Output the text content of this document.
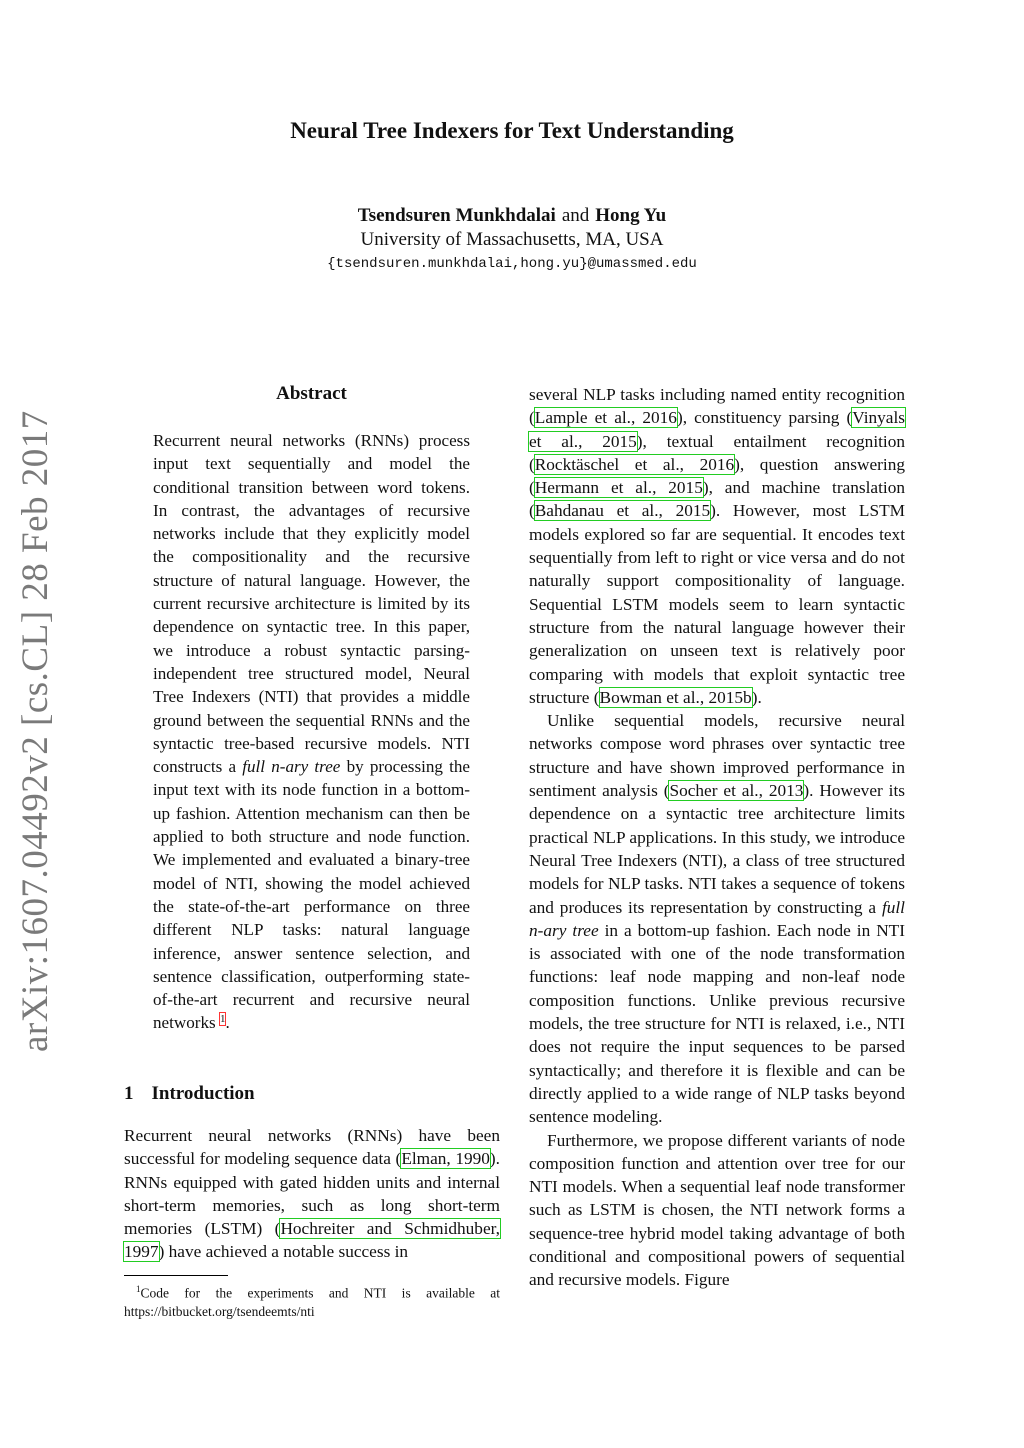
arXiv:1607.04492v2 [cs.CL] 28 Feb 2017
Neural Tree Indexers for Text Understanding
Tsendsuren Munkhdalai and Hong Yu
University of Massachusetts, MA, USA
{tsendsuren.munkhdalai,hong.yu}@umassmed.edu
Abstract

Recurrent neural networks (RNNs) process input text sequentially and model the conditional transition between word tokens. In contrast, the advantages of recursive networks include that they explicitly model the compositionality and the recursive structure of natural language. However, the current recursive architecture is limited by its dependence on syntactic tree. In this paper, we introduce a robust syntactic parsing-independent tree structured model, Neural Tree Indexers (NTI) that provides a middle ground between the sequential RNNs and the syntactic tree-based recursive models. NTI constructs a full n-ary tree by processing the input text with its node function in a bottom-up fashion. Attention mechanism can then be applied to both structure and node function. We implemented and evaluated a binary-tree model of NTI, showing the model achieved the state-of-the-art performance on three different NLP tasks: natural language inference, answer sentence selection, and sentence classification, outperforming state-of-the-art recurrent and recursive neural networks $^1$.

1 Introduction

Recurrent neural networks (RNNs) have been successful for modeling sequence data (Elman, 1990). RNNs equipped with gated hidden units and internal short-term memories, such as long short-term memories (LSTM) (Hochreiter and Schmidhuber, 1997) have achieved a notable success in

$^1$Code for the experiments and NTI is available at https://bitbucket.org/tsendeemts/nti

several NLP tasks including named entity recognition (Lample et al., 2016), constituency parsing (Vinyals et al., 2015), textual entailment recognition (Rocktäschel et al., 2016), question answering (Hermann et al., 2015), and machine translation (Bahdanau et al., 2015). However, most LSTM models explored so far are sequential. It encodes text sequentially from left to right or vice versa and do not naturally support compositionality of language. Sequential LSTM models seem to learn syntactic structure from the natural language however their generalization on unseen text is relatively poor comparing with models that exploit syntactic tree structure (Bowman et al., 2015b).

Unlike sequential models, recursive neural networks compose word phrases over syntactic tree structure and have shown improved performance in sentiment analysis (Socher et al., 2013). However its dependence on a syntactic tree architecture limits practical NLP applications. In this study, we introduce Neural Tree Indexers (NTI), a class of tree structured models for NLP tasks. NTI takes a sequence of tokens and produces its representation by constructing a full n-ary tree in a bottom-up fashion. Each node in NTI is associated with one of the node transformation functions: leaf node mapping and non-leaf node composition functions. Unlike previous recursive models, the tree structure for NTI is relaxed, i.e., NTI does not require the input sequences to be parsed syntactically; and therefore it is flexible and can be directly applied to a wide range of NLP tasks beyond sentence modeling.

Furthermore, we propose different variants of node composition function and attention over tree for our NTI models. When a sequential leaf node transformer such as LSTM is chosen, the NTI network forms a sequence-tree hybrid model taking advantage of both conditional and compositional powers of sequential and recursive models. Figure
